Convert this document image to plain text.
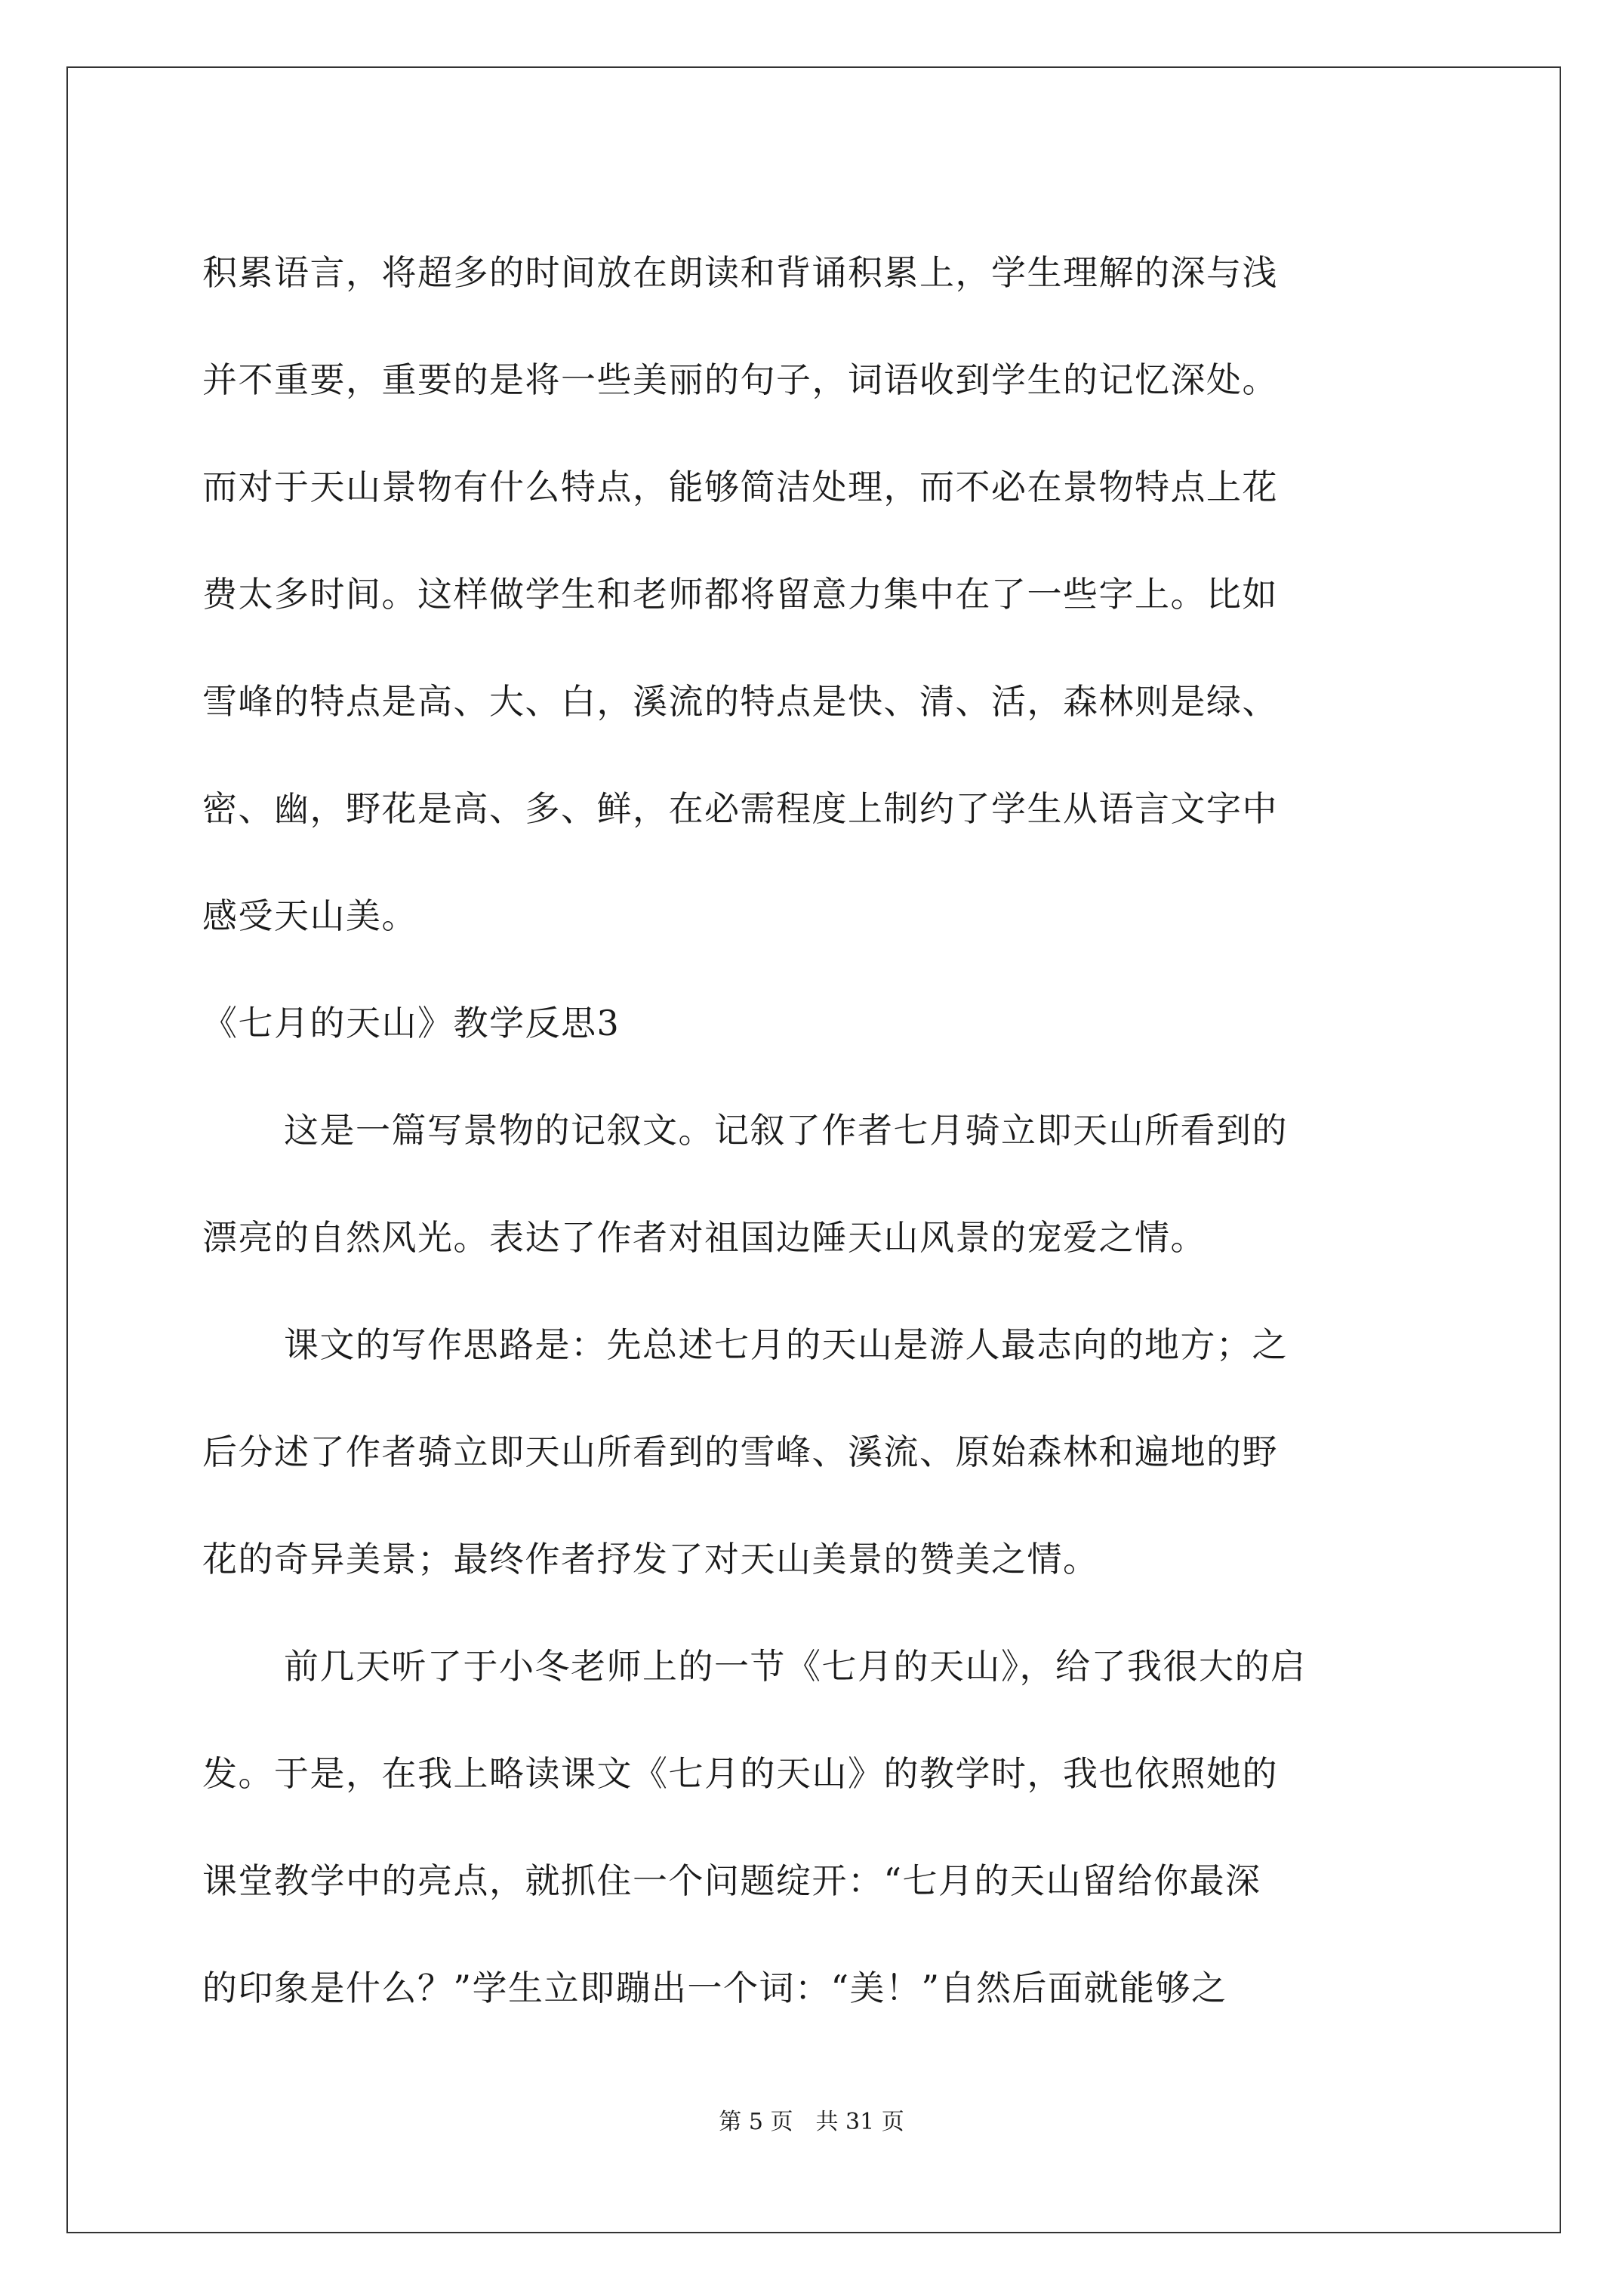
积累语言，将超多的时间放在朗读和背诵积累上，学生理解的深与浅
并不重要，重要的是将一些美丽的句子，词语收到学生的记忆深处。
而对于天山景物有什么特点，能够简洁处理，而不必在景物特点上花
费太多时间。这样做学生和老师都将留意力集中在了一些字上。比如
雪峰的特点是高、大、白，溪流的特点是快、清、活，森林则是绿、
密、幽，野花是高、多、鲜，在必需程度上制约了学生从语言文字中
感受天山美。
《七月的天山》教学反思3
这是一篇写景物的记叙文。记叙了作者七月骑立即天山所看到的
漂亮的自然风光。表达了作者对祖国边陲天山风景的宠爱之情。
课文的写作思路是：先总述七月的天山是游人最志向的地方；之
后分述了作者骑立即天山所看到的雪峰、溪流、原始森林和遍地的野
花的奇异美景；最终作者抒发了对天山美景的赞美之情。
前几天听了于小冬老师上的一节《七月的天山》，给了我很大的启
发。于是，在我上略读课文《七月的天山》的教学时，我也依照她的
课堂教学中的亮点，就抓住一个问题绽开：“七月的天山留给你最深
的印象是什么？”学生立即蹦出一个词：“美！”自然后面就能够之
第 5 页　共 31 页
